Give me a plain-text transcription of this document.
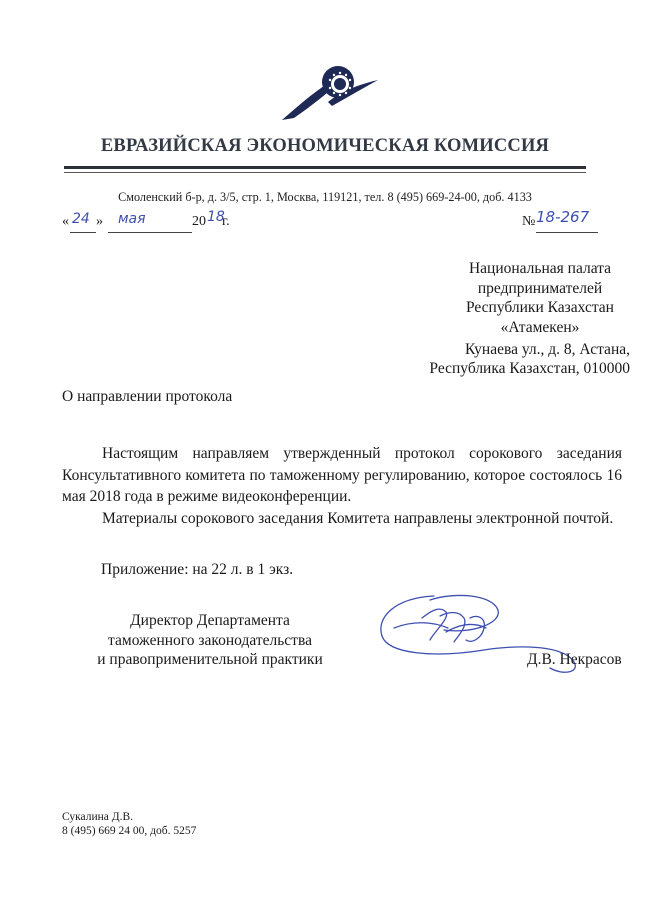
ЕВРАЗИЙСКАЯ ЭКОНОМИЧЕСКАЯ КОМИССИЯ
Смоленский б-р, д. 3/5, стр. 1, Москва, 119121, тел. 8 (495) 669-24-00, доб. 4133
« 24 » мая	20 18
г.	№ 18-267
Национальная палата
предпринимателей
Республики Казахстан
«Атамекен»
Кунаева ул., д. 8, Астана,
Республика Казахстан, 010000
О направлении протокола

Настоящим направляем утвержденный протокол сорокового заседания Консультативного комитета по таможенному регулированию, которое состоялось 16 мая 2018 года в режиме видеоконференции.

Материалы сорокового заседания Комитета направлены электронной почтой.

Приложение: на 22 л. в 1 экз.
Директор Департамента
таможенного законодательства
и правоприменительной практики	Д.В. Некрасов
Сукалина Д.В.
8 (495) 669 24 00, доб. 5257
